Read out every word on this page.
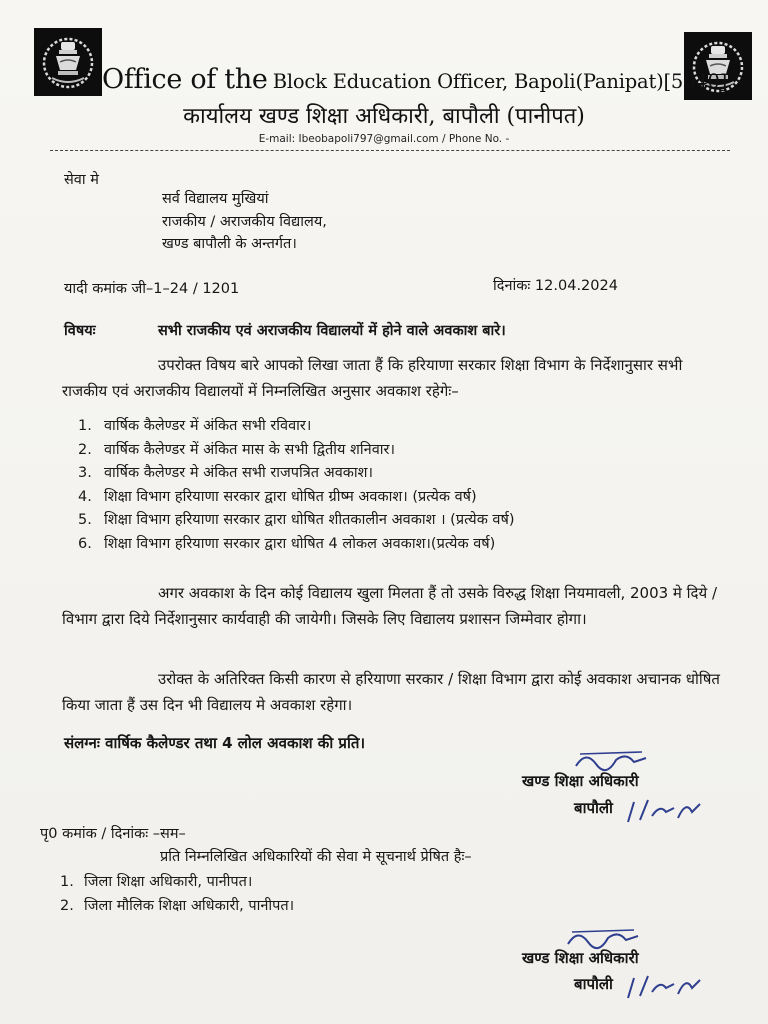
Office of the Block Education Officer, Bapoli(Panipat)[5040]
कार्यालय खण्ड शिक्षा अधिकारी, बापौली (पानीपत)
E-mail: Ibeobapoli797@gmail.com / Phone No. -
सेवा मे
सर्व विद्यालय मुखियां
राजकीय / अराजकीय विद्यालय,
खण्ड बापौली के अन्तर्गत।
यादी कमांक जी–1–24 / 1201	दिनांकः 12.04.2024
विषयः	सभी राजकीय एवं अराजकीय विद्यालयों में होने वाले अवकाश बारे।
उपरोक्त विषय बारे आपको लिखा जाता हैं कि हरियाणा सरकार शिक्षा विभाग के निर्देशानुसार सभी राजकीय एवं अराजकीय विद्यालयों में निम्नलिखित अनुसार अवकाश रहेगेः–
1. वार्षिक कैलेण्डर में अंकित सभी रविवार।
2. वार्षिक कैलेण्डर में अंकित मास के सभी द्वितीय शनिवार।
3. वार्षिक कैलेण्डर मे अंकित सभी राजपत्रित अवकाश।
4. शिक्षा विभाग हरियाणा सरकार द्वारा धोषित ग्रीष्म अवकाश। (प्रत्येक वर्ष)
5. शिक्षा विभाग हरियाणा सरकार द्वारा धोषित शीतकालीन अवकाश । (प्रत्येक वर्ष)
6. शिक्षा विभाग हरियाणा सरकार द्वारा धोषित 4 लोकल अवकाश।(प्रत्येक वर्ष)
अगर अवकाश के दिन कोई विद्यालय खुला मिलता हैं तो उसके विरुद्ध शिक्षा नियमावली, 2003 मे दिये / विभाग द्वारा दिये निर्देशानुसार कार्यवाही की जायेगी। जिसके लिए विद्यालय प्रशासन जिम्मेवार होगा।
उरोक्त के अतिरिक्त किसी कारण से हरियाणा सरकार / शिक्षा विभाग द्वारा कोई अवकाश अचानक धोषित किया जाता हैं उस दिन भी विद्यालय मे अवकाश रहेगा।
संलग्नः वार्षिक कैलेण्डर तथा 4 लोल अवकाश की प्रति।
खण्ड शिक्षा अधिकारी
बापौली
पृ0 कमांक / दिनांकः –सम–
प्रति निम्नलिखित अधिकारियों की सेवा मे सूचनार्थ प्रेषित हैः–
1. जिला शिक्षा अधिकारी, पानीपत।
2. जिला मौलिक शिक्षा अधिकारी, पानीपत।
खण्ड शिक्षा अधिकारी
बापौली
